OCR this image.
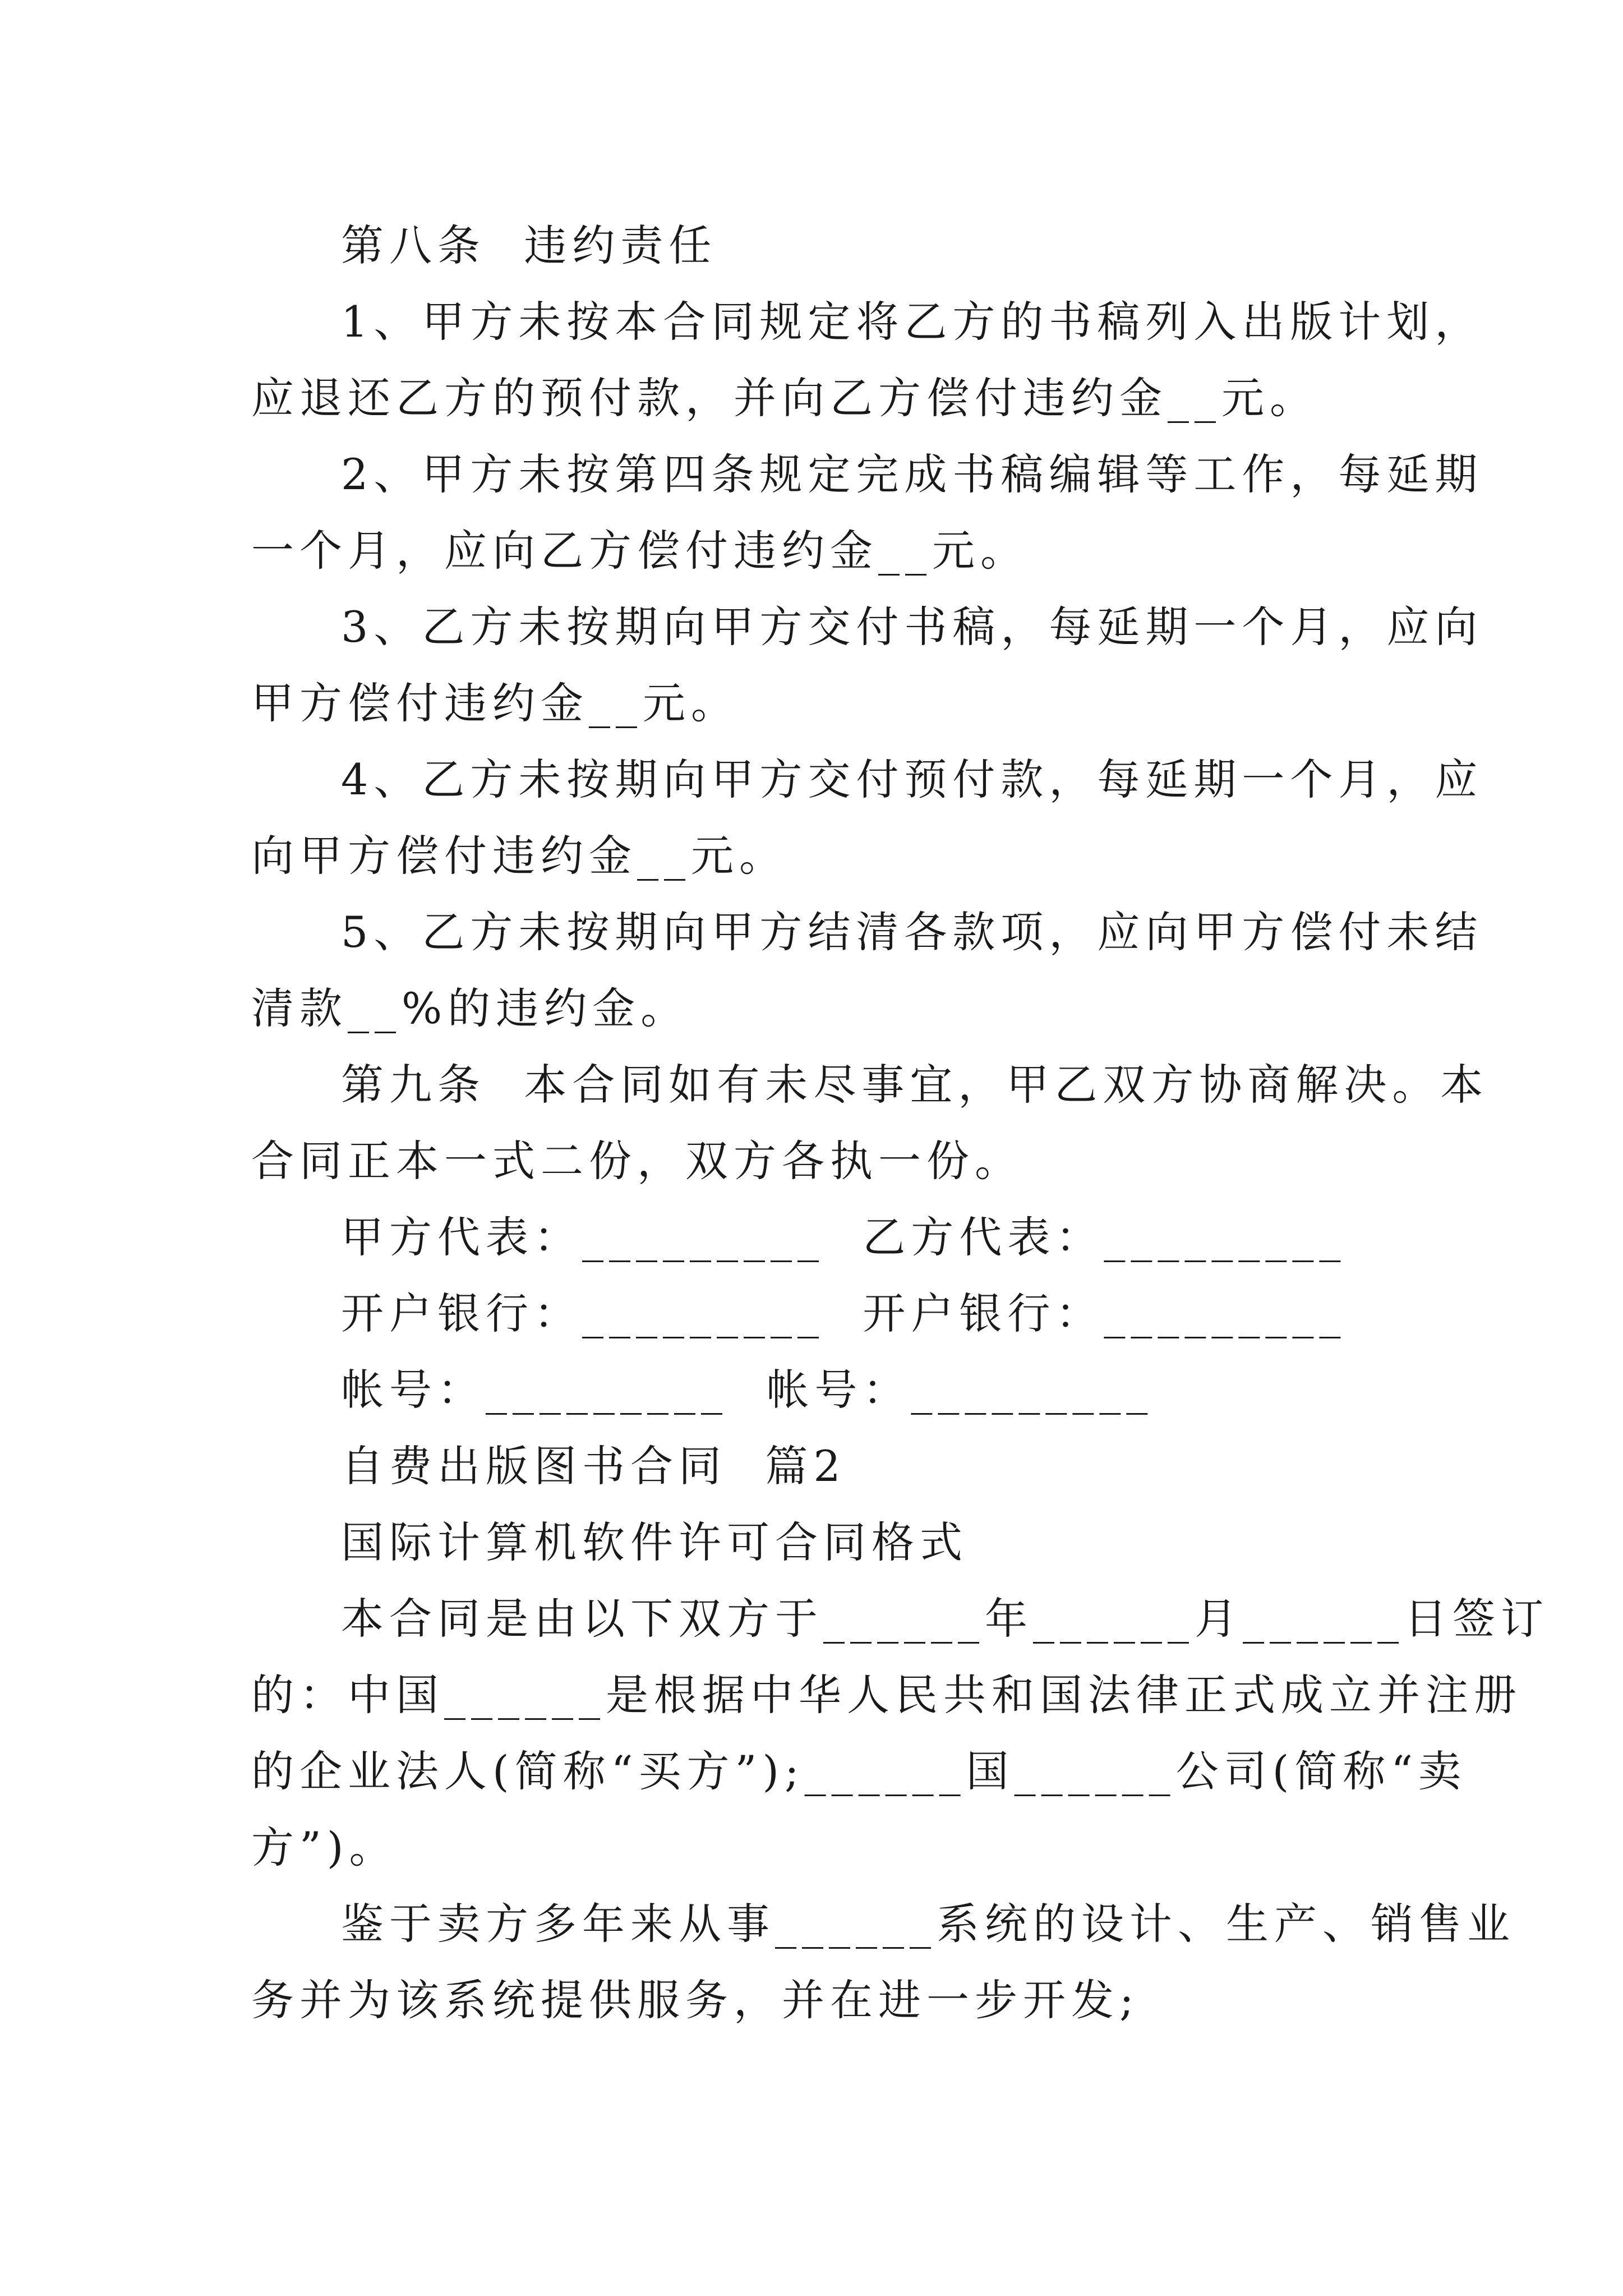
第八条  违约责任
1、甲方未按本合同规定将乙方的书稿列入出版计划，
应退还乙方的预付款，并向乙方偿付违约金__元。
2、甲方未按第四条规定完成书稿编辑等工作，每延期
一个月，应向乙方偿付违约金__元。
3、乙方未按期向甲方交付书稿，每延期一个月，应向
甲方偿付违约金__元。
4、乙方未按期向甲方交付预付款，每延期一个月，应
向甲方偿付违约金__元。
5、乙方未按期向甲方结清各款项，应向甲方偿付未结
清款__%的违约金。
第九条  本合同如有未尽事宜，甲乙双方协商解决。本
合同正本一式二份，双方各执一份。
甲方代表：_________  乙方代表：_________
开户银行：_________  开户银行：_________
帐号：_________  帐号：_________
自费出版图书合同  篇2
国际计算机软件许可合同格式
本合同是由以下双方于______年______月______日签订
的：中国______是根据中华人民共和国法律正式成立并注册
的企业法人(简称“买方”);______国______公司(简称“卖
方”)。
鉴于卖方多年来从事______系统的设计、生产、销售业
务并为该系统提供服务，并在进一步开发;
